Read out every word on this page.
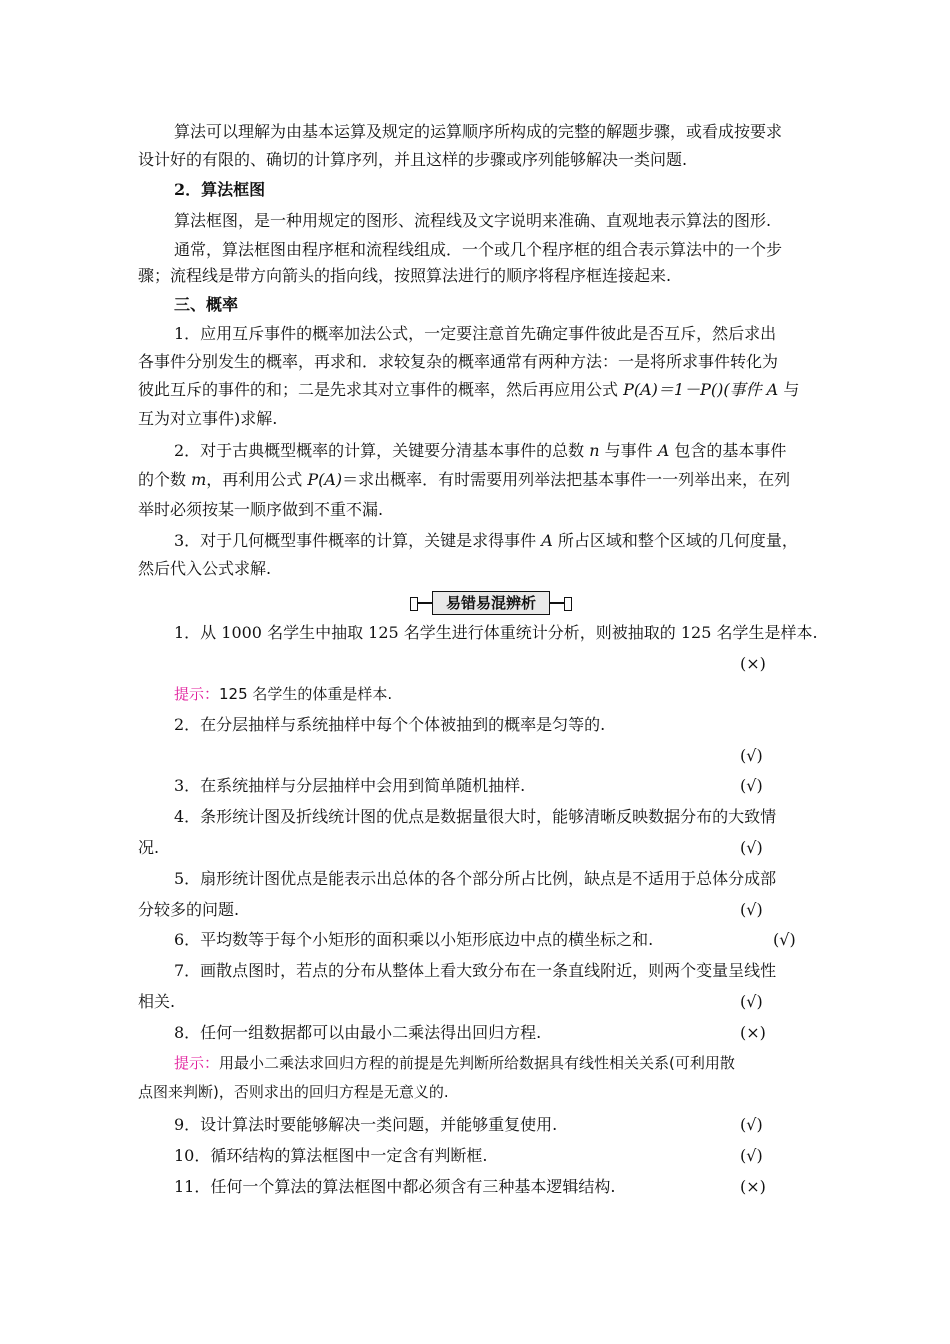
算法可以理解为由基本运算及规定的运算顺序所构成的完整的解题步骤，或看成按要求
设计好的有限的、确切的计算序列，并且这样的步骤或序列能够解决一类问题.
2．算法框图
算法框图，是一种用规定的图形、流程线及文字说明来准确、直观地表示算法的图形.
通常，算法框图由程序框和流程线组成．一个或几个程序框的组合表示算法中的一个步
骤；流程线是带方向箭头的指向线，按照算法进行的顺序将程序框连接起来.
三、概率
1．应用互斥事件的概率加法公式，一定要注意首先确定事件彼此是否互斥，然后求出
各事件分别发生的概率，再求和．求较复杂的概率通常有两种方法：一是将所求事件转化为
彼此互斥的事件的和；二是先求其对立事件的概率，然后再应用公式 P(A)＝1－P()(事件 A 与
互为对立事件)求解.
2．对于古典概型概率的计算，关键要分清基本事件的总数 n 与事件 A 包含的基本事件
的个数 m，再利用公式 P(A)＝求出概率．有时需要用列举法把基本事件一一列举出来，在列
举时必须按某一顺序做到不重不漏.
3．对于几何概型事件概率的计算，关键是求得事件 A 所占区域和整个区域的几何度量，
然后代入公式求解.
易错易混辨析
1．从 1000 名学生中抽取 125 名学生进行体重统计分析，则被抽取的 125 名学生是样本.
(×)
提示：125 名学生的体重是样本.
2．在分层抽样与系统抽样中每个个体被抽到的概率是匀等的.
(√)
3．在系统抽样与分层抽样中会用到简单随机抽样.	(√)
4．条形统计图及折线统计图的优点是数据量很大时，能够清晰反映数据分布的大致情
况.	(√)
5．扇形统计图优点是能表示出总体的各个部分所占比例，缺点是不适用于总体分成部
分较多的问题.	(√)
6．平均数等于每个小矩形的面积乘以小矩形底边中点的横坐标之和.	(√)
7．画散点图时，若点的分布从整体上看大致分布在一条直线附近，则两个变量呈线性
相关.	(√)
8．任何一组数据都可以由最小二乘法得出回归方程.	(×)
提示：用最小二乘法求回归方程的前提是先判断所给数据具有线性相关关系(可利用散
点图来判断)，否则求出的回归方程是无意义的.
9．设计算法时要能够解决一类问题，并能够重复使用.	(√)
10．循环结构的算法框图中一定含有判断框.	(√)
11．任何一个算法的算法框图中都必须含有三种基本逻辑结构.	(×)
